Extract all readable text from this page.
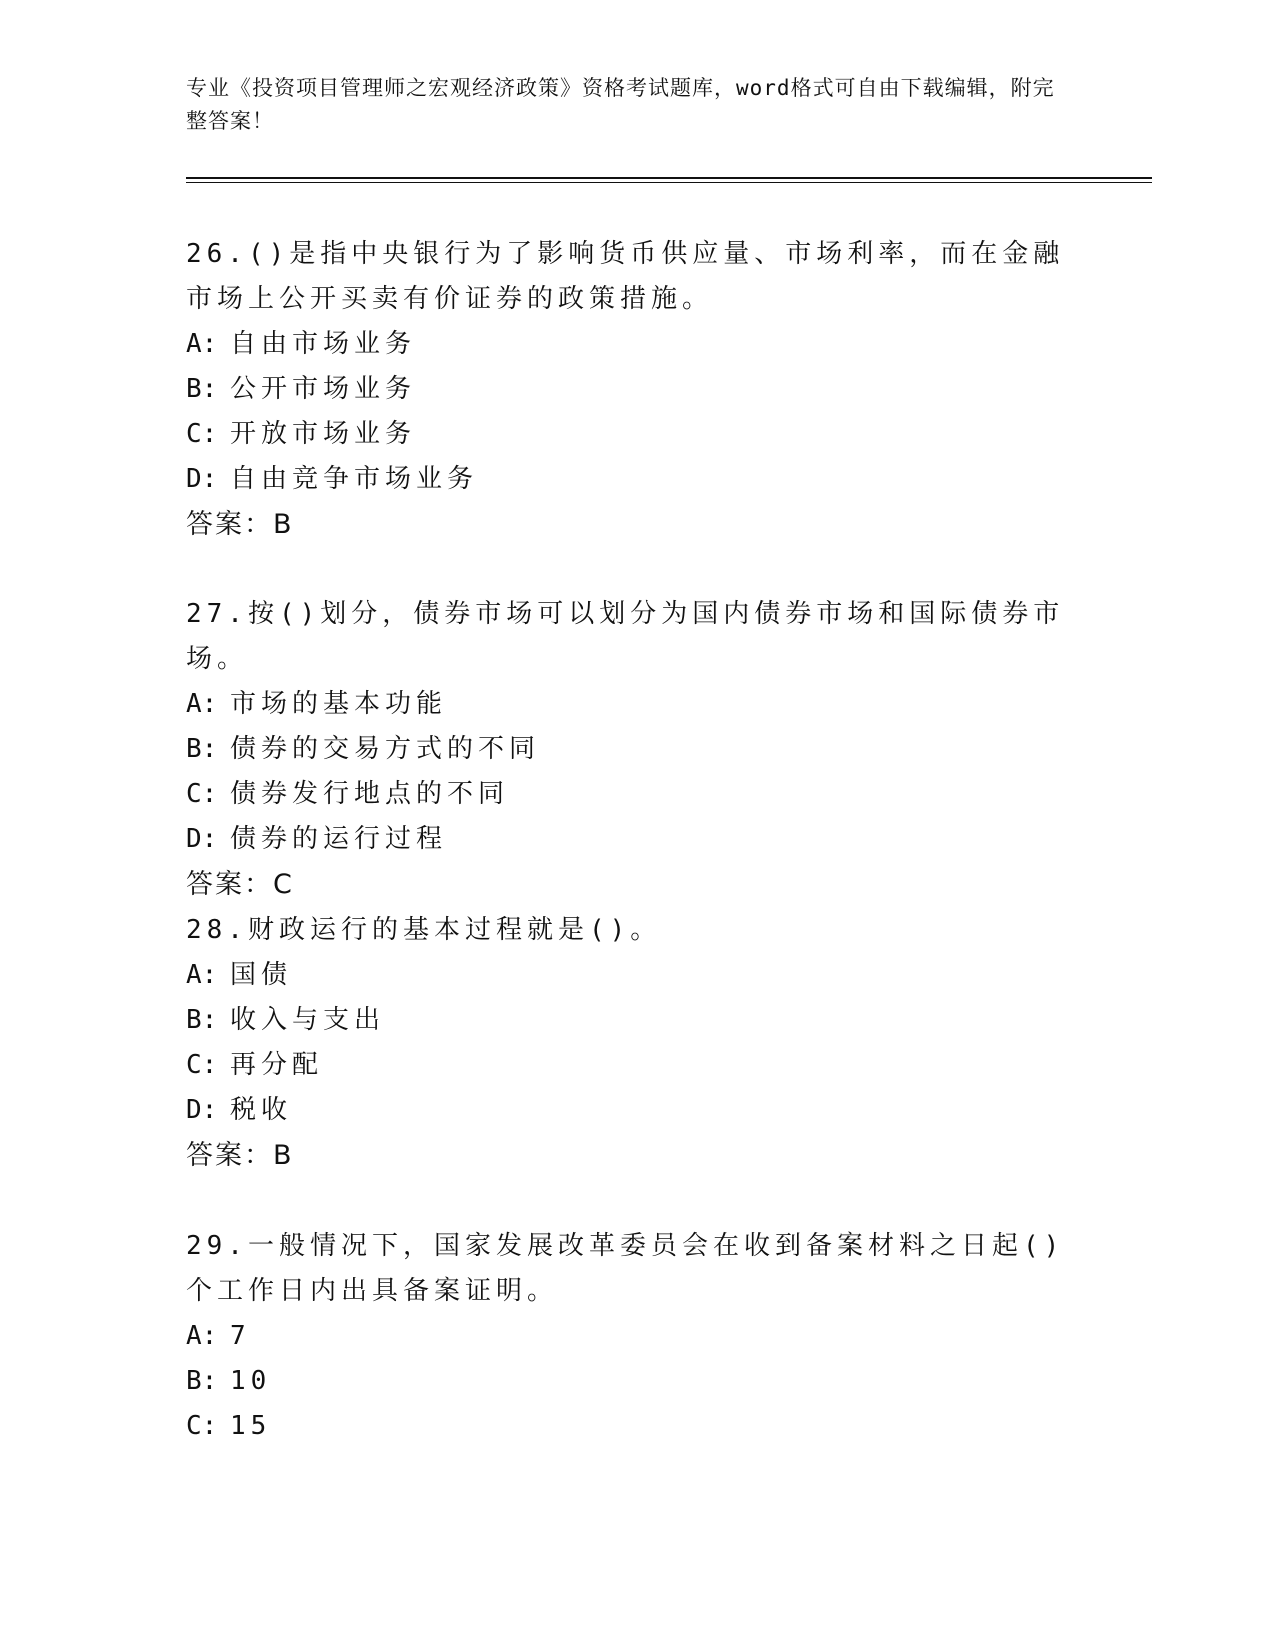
专业《投资项目管理师之宏观经济政策》资格考试题库，word格式可自由下载编辑，附完整答案！
26.()是指中央银行为了影响货币供应量、市场利率，而在金融市场上公开买卖有价证券的政策措施。
A: 自由市场业务
B: 公开市场业务
C: 开放市场业务
D: 自由竞争市场业务
答案：B
27.按()划分，债券市场可以划分为国内债券市场和国际债券市场。
A: 市场的基本功能
B: 债券的交易方式的不同
C: 债券发行地点的不同
D: 债券的运行过程
答案：C
28.财政运行的基本过程就是()。
A: 国债
B: 收入与支出
C: 再分配
D: 税收
答案：B
29.一般情况下，国家发展改革委员会在收到备案材料之日起()个工作日内出具备案证明。
A: 7
B: 10
C: 15
